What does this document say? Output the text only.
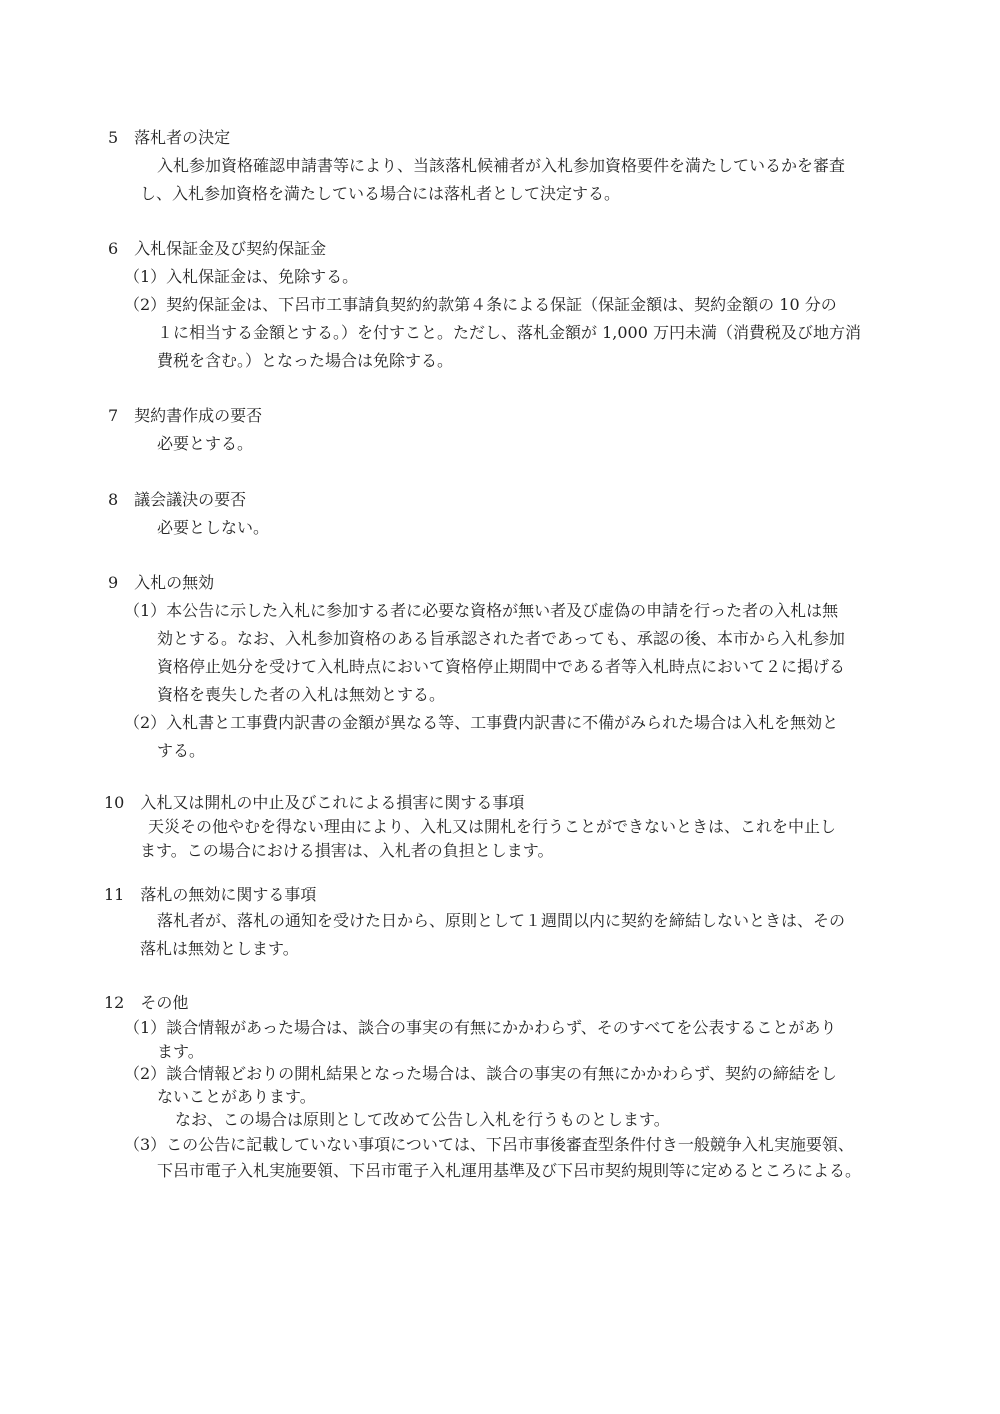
5　落札者の決定
入札参加資格確認申請書等により、当該落札候補者が入札参加資格要件を満たしているかを審査
し、入札参加資格を満たしている場合には落札者として決定する。
6　入札保証金及び契約保証金
（1）入札保証金は、免除する。
（2）契約保証金は、下呂市工事請負契約約款第４条による保証（保証金額は、契約金額の 10 分の
１に相当する金額とする。）を付すこと。ただし、落札金額が 1,000 万円未満（消費税及び地方消
費税を含む。）となった場合は免除する。
7　契約書作成の要否
必要とする。
8　議会議決の要否
必要としない。
9　入札の無効
（1）本公告に示した入札に参加する者に必要な資格が無い者及び虚偽の申請を行った者の入札は無
効とする。なお、入札参加資格のある旨承認された者であっても、承認の後、本市から入札参加
資格停止処分を受けて入札時点において資格停止期間中である者等入札時点において２に掲げる
資格を喪失した者の入札は無効とする。
（2）入札書と工事費内訳書の金額が異なる等、工事費内訳書に不備がみられた場合は入札を無効と
する。
10　入札又は開札の中止及びこれによる損害に関する事項
天災その他やむを得ない理由により、入札又は開札を行うことができないときは、これを中止し
ます。この場合における損害は、入札者の負担とします。
11　落札の無効に関する事項
落札者が、落札の通知を受けた日から、原則として１週間以内に契約を締結しないときは、その
落札は無効とします。
12　その他
（1）談合情報があった場合は、談合の事実の有無にかかわらず、そのすべてを公表することがあり
ます。
（2）談合情報どおりの開札結果となった場合は、談合の事実の有無にかかわらず、契約の締結をし
ないことがあります。
なお、この場合は原則として改めて公告し入札を行うものとします。
（3）この公告に記載していない事項については、下呂市事後審査型条件付き一般競争入札実施要領、
下呂市電子入札実施要領、下呂市電子入札運用基準及び下呂市契約規則等に定めるところによる。
